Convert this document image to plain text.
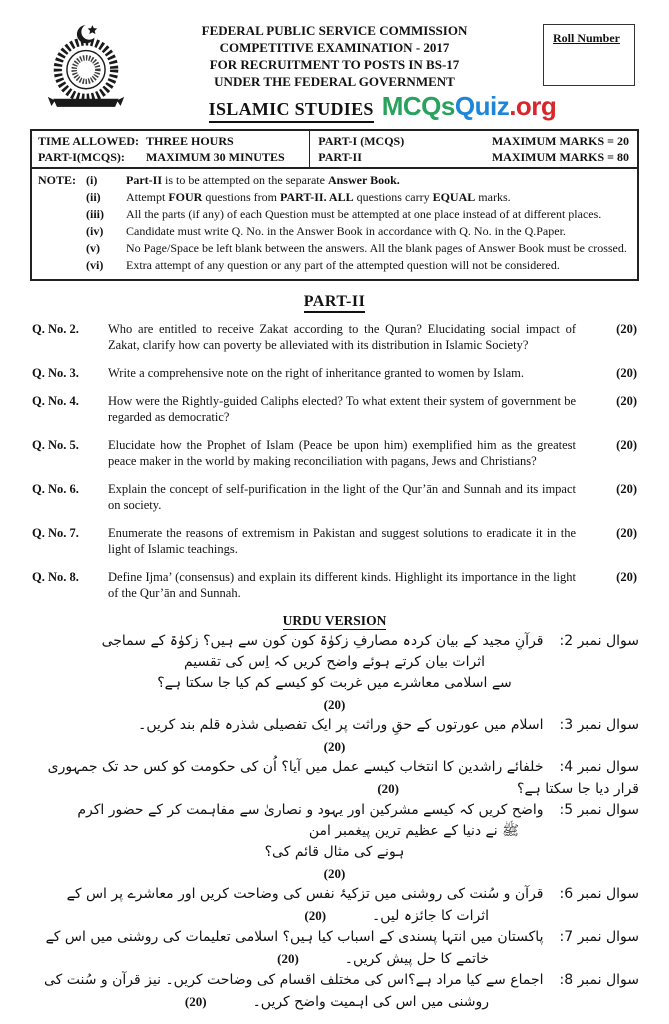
FEDERAL PUBLIC SERVICE COMMISSION
COMPETITIVE EXAMINATION - 2017
FOR RECRUITMENT TO POSTS IN BS-17
UNDER THE FEDERAL GOVERNMENT
Roll Number
ISLAMIC STUDIES MCQsQuiz.org
TIME ALLOWED: THREE HOURS
PART-I(MCQS):	MAXIMUM 30 MINUTES
PART-I (MCQS)	MAXIMUM MARKS = 20
PART-II	MAXIMUM MARKS = 80
NOTE: (i)	Part-II is to be attempted on the separate Answer Book.
(ii)	Attempt FOUR questions from PART-II. ALL questions carry EQUAL marks.
(iii)	All the parts (if any) of each Question must be attempted at one place instead of at different places.
(iv)	Candidate must write Q. No. in the Answer Book in accordance with Q. No. in the Q.Paper.
(v)	No Page/Space be left blank between the answers. All the blank pages of Answer Book must be crossed.
(vi)	Extra attempt of any question or any part of the attempted question will not be considered.
PART-II
Q. No. 2.	Who are entitled to receive Zakat according to the Quran? Elucidating social impact of Zakat, clarify how can poverty be alleviated with its distribution in Islamic Society?
(20)
Q. No. 3.	Write a comprehensive note on the right of inheritance granted to women by Islam.	(20)
Q. No. 4.	How were the Rightly-guided Caliphs elected? To what extent their system of government be regarded as democratic?
(20)
Q. No. 5.	Elucidate how the Prophet of Islam (Peace be upon him) exemplified him as the greatest peace maker in the world by making reconciliation with pagans, Jews and Christians?
(20)
Q. No. 6.	Explain the concept of self-purification in the light of the Qur’ān and Sunnah and its impact on society.
(20)
Q. No. 7.	Enumerate the reasons of extremism in Pakistan and suggest solutions to eradicate it in the light of Islamic teachings.
(20)
Q. No. 8.	Define Ijma’ (consensus) and explain its different kinds. Highlight its importance in the light of the Qur’ān and Sunnah.
(20)
URDU VERSION
سوال نمبر 2:قرآنِ مجید کے بیان کردہ مصارفِ زکوٰۃ کون کون سے ہیں؟ زکوٰۃ کے سماجی
اثرات بیان کرتے ہوئے واضح کریں کہ اِس کی تقسیم
سے اسلامی معاشرے میں غربت کو کیسے کم کیا جا سکتا ہے؟
(20)
سوال نمبر 3:اسلام میں عورتوں کے حقِ وراثت پر ایک تفصیلی شذرہ قلم بند کریں۔
(20)
سوال نمبر 4:خلفائے راشدین کا انتخاب کیسے عمل میں آیا؟ اُن کی حکومت کو کس حد تک جمہوری
قرار دیا جا سکتا ہے؟(20)
سوال نمبر 5:واضح کریں کہ کیسے مشرکین اور یہود و نصاریٰ سے مفاہمت کر کے حضور اکرم
ﷺ نے دنیا کے عظیم ترین پیغمبر امن
ہونے کی مثال قائم کی؟
(20)
سوال نمبر 6:قرآن و سُنت کی روشنی میں تزکیۂ نفس کی وضاحت کریں اور معاشرے پر اس کے
اثرات کا جائزہ لیں۔(20)
سوال نمبر 7:پاکستان میں انتہا پسندی کے اسباب کیا ہیں؟ اسلامی تعلیمات کی روشنی میں اس کے
خاتمے کا حل پیش کریں۔(20)
سوال نمبر 8:اجماع سے کیا مراد ہے؟اس کی مختلف اقسام کی وضاحت کریں۔ نیز قرآن و سُنت کی
روشنی میں اس کی اہمیت واضح کریں۔(20)
